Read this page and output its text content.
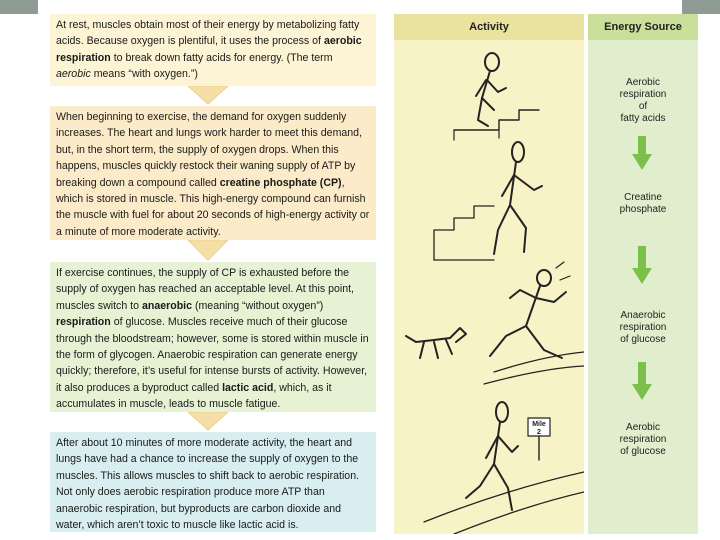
At rest, muscles obtain most of their energy by metabolizing fatty acids. Because oxygen is plentiful, it uses the process of aerobic respiration to break down fatty acids for energy. (The term aerobic means “with oxygen.”)
When beginning to exercise, the demand for oxygen suddenly increases. The heart and lungs work harder to meet this demand, but, in the short term, the supply of oxygen drops. When this happens, muscles quickly restock their waning supply of ATP by breaking down a compound called creatine phosphate (CP), which is stored in muscle. This high-energy compound can furnish the muscle with fuel for about 20 seconds of high-energy activity or a minute of more moderate activity.
If exercise continues, the supply of CP is exhausted before the supply of oxygen has reached an acceptable level. At this point, muscles switch to anaerobic (meaning “without oxygen”) respiration of glucose. Muscles receive much of their glucose through the bloodstream; however, some is stored within muscle in the form of glycogen. Anaerobic respiration can generate energy quickly; therefore, it’s useful for intense bursts of activity. However, it also produces a byproduct called lactic acid, which, as it accumulates in muscle, leads to muscle fatigue.
After about 10 minutes of more moderate activity, the heart and lungs have had a chance to increase the supply of oxygen to the muscles. This allows muscles to shift back to aerobic respiration. Not only does aerobic respiration produce more ATP than anaerobic respiration, but byproducts are carbon dioxide and water, which aren’t toxic to muscle like lactic acid is.
Activity	Energy Source
Aerobic
respiration
of
fatty acids
Creatine
phosphate
Anaerobic
respiration
of glucose
Aerobic
respiration
of glucose
Mile
2
